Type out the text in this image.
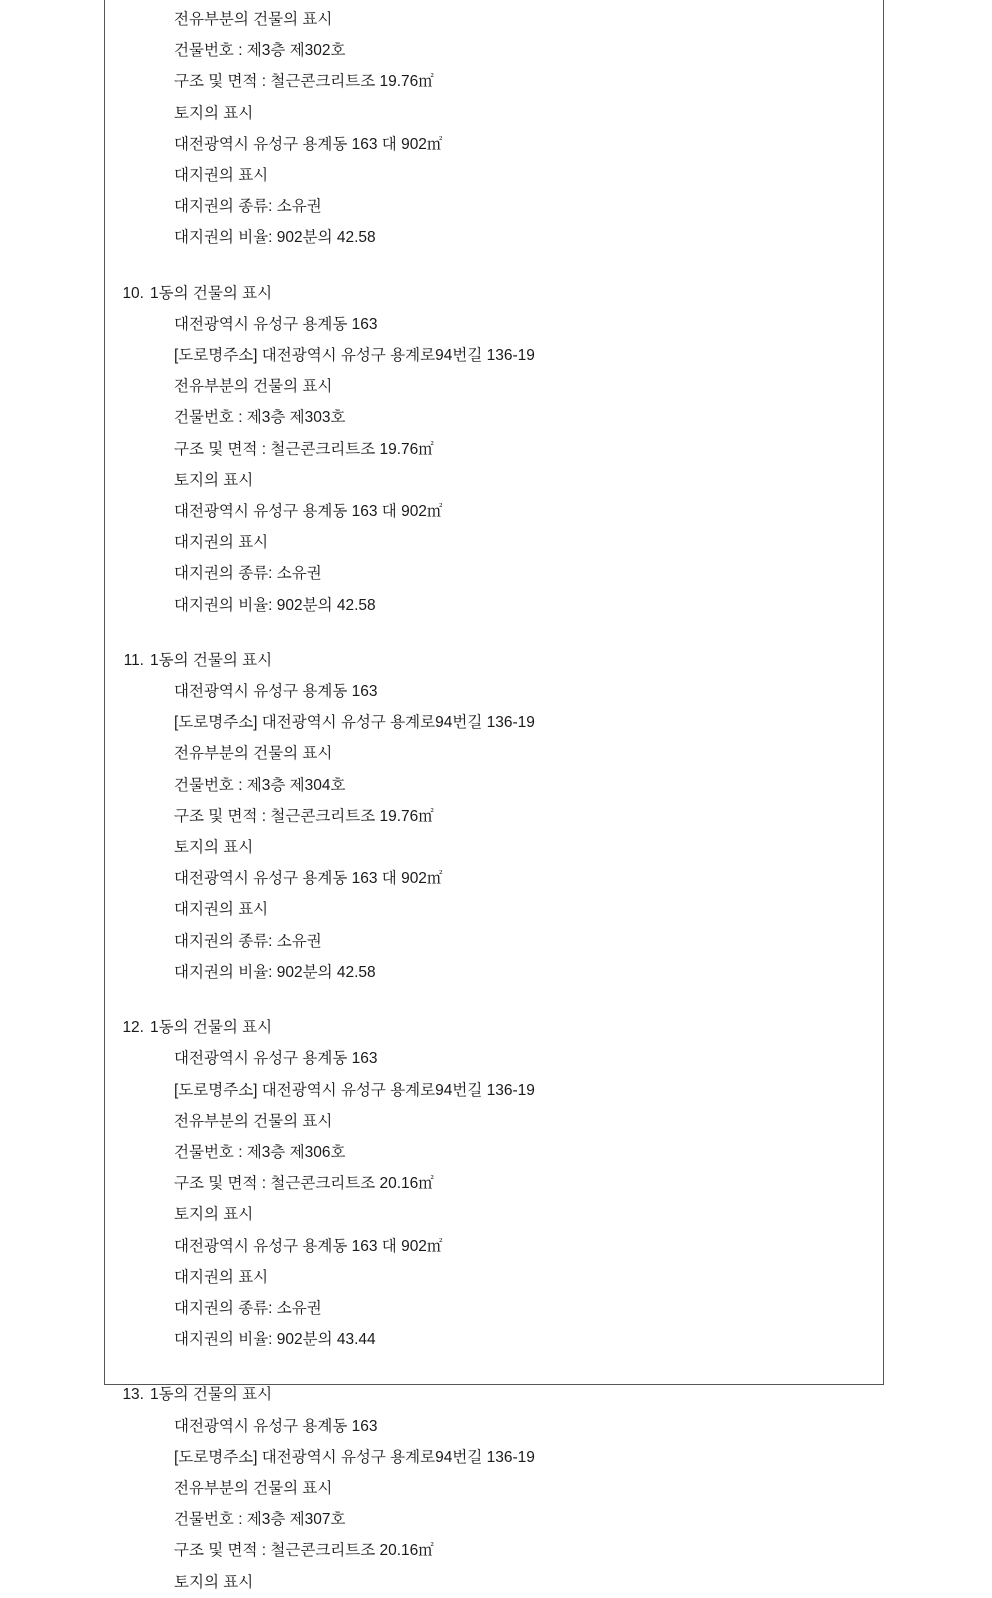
전유부분의 건물의 표시
건물번호 : 제3층 제302호
구조 및 면적 : 철근콘크리트조 19.76㎡
토지의 표시
대전광역시 유성구 용계동 163 대 902㎡
대지권의 표시
대지권의 종류: 소유권
대지권의 비율: 902분의 42.58
10. 1동의 건물의 표시
대전광역시 유성구 용계동 163
[도로명주소] 대전광역시 유성구 용계로94번길 136-19
전유부분의 건물의 표시
건물번호 : 제3층 제303호
구조 및 면적 : 철근콘크리트조 19.76㎡
토지의 표시
대전광역시 유성구 용계동 163 대 902㎡
대지권의 표시
대지권의 종류: 소유권
대지권의 비율: 902분의 42.58
11. 1동의 건물의 표시
대전광역시 유성구 용계동 163
[도로명주소] 대전광역시 유성구 용계로94번길 136-19
전유부분의 건물의 표시
건물번호 : 제3층 제304호
구조 및 면적 : 철근콘크리트조 19.76㎡
토지의 표시
대전광역시 유성구 용계동 163 대 902㎡
대지권의 표시
대지권의 종류: 소유권
대지권의 비율: 902분의 42.58
12. 1동의 건물의 표시
대전광역시 유성구 용계동 163
[도로명주소] 대전광역시 유성구 용계로94번길 136-19
전유부분의 건물의 표시
건물번호 : 제3층 제306호
구조 및 면적 : 철근콘크리트조 20.16㎡
토지의 표시
대전광역시 유성구 용계동 163 대 902㎡
대지권의 표시
대지권의 종류: 소유권
대지권의 비율: 902분의 43.44
13. 1동의 건물의 표시
대전광역시 유성구 용계동 163
[도로명주소] 대전광역시 유성구 용계로94번길 136-19
전유부분의 건물의 표시
건물번호 : 제3층 제307호
구조 및 면적 : 철근콘크리트조 20.16㎡
토지의 표시
